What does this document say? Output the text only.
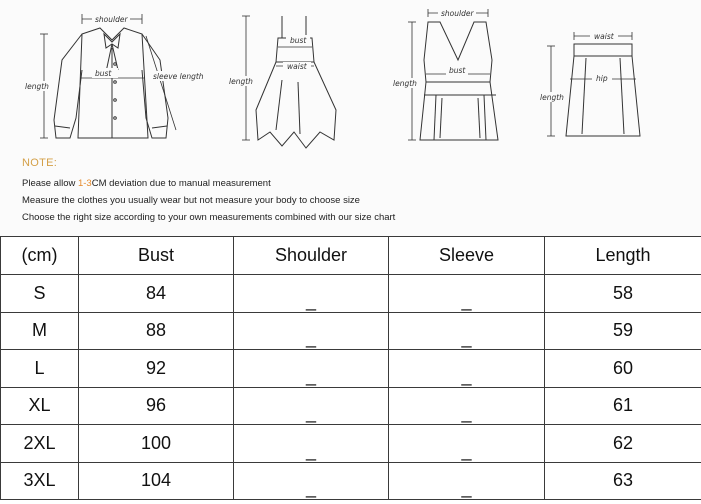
shoulder
bust
length
sleeve length
bust
waist
length
shoulder
bust
length
waist
hip
length
NOTE:
Please allow 1-3CM deviation due to manual measurement
Measure the clothes you usually wear but not measure your body to choose size
Choose the right size according to your own measurements combined with our size chart
(cm)	Bust	Shoulder	Sleeve	Length
S	84	_	_	58
M	88	_	_	59
L	92	_	_	60
XL	96	_	_	61
2XL	100	_	_	62
3XL	104	_	_	63
